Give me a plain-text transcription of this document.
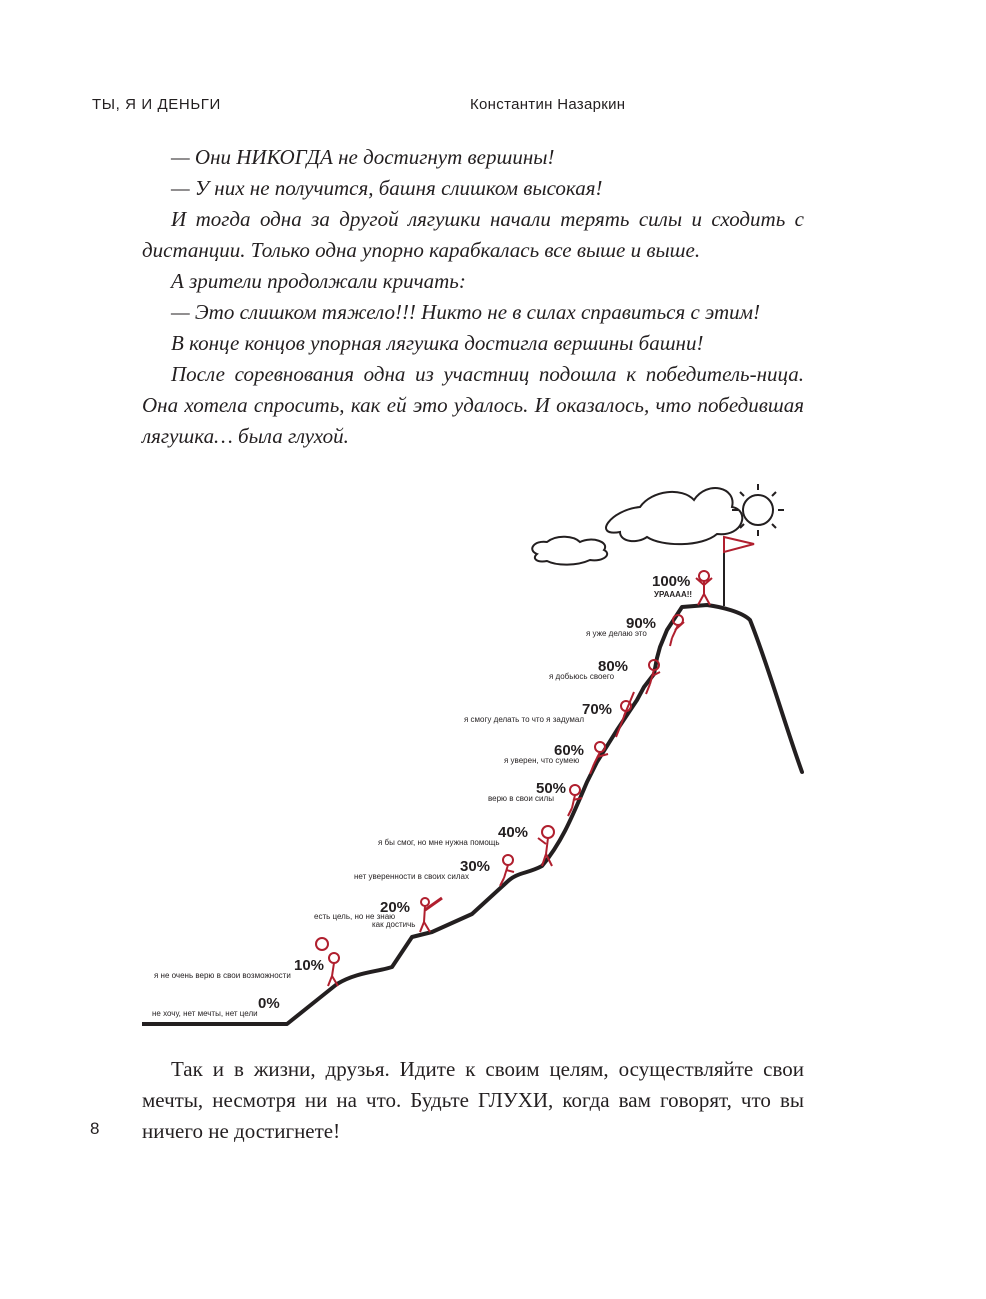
ТЫ, Я И ДЕНЬГИ	Константин Назаркин

— Они НИКОГДА не достигнут вершины!

— У них не получится, башня слишком высокая!

И тогда одна за другой лягушки начали терять силы и сходить с дистанции. Только одна упорно карабкалась все выше и выше.

А зрители продолжали кричать:

— Это слишком тяжело!!! Никто не в силах справиться с этим!

В конце концов упорная лягушка достигла вершины башни!

После соревнования одна из участниц подошла к победитель-ница. Она хотела спросить, как ей это удалось. И оказалось, что победившая лягушка… была глухой.

100%
УРАААА!!
90%
я уже делаю это
80%
я добьюсь своего
70%
я смогу делать то что я задумал
60%
я уверен, что сумею
50%
верю в свои силы
40%
я бы смог, но мне нужна помощь
30%
нет уверенности в своих силах
20%
есть цель, но не знаю
как достичь
10%
я не очень верю в свои возможности
0%
не хочу, нет мечты, нет цели

Так и в жизни, друзья. Идите к своим целям, осуществляйте свои мечты, несмотря ни на что. Будьте ГЛУХИ, когда вам говорят, что вы ничего не достигнете!

8
